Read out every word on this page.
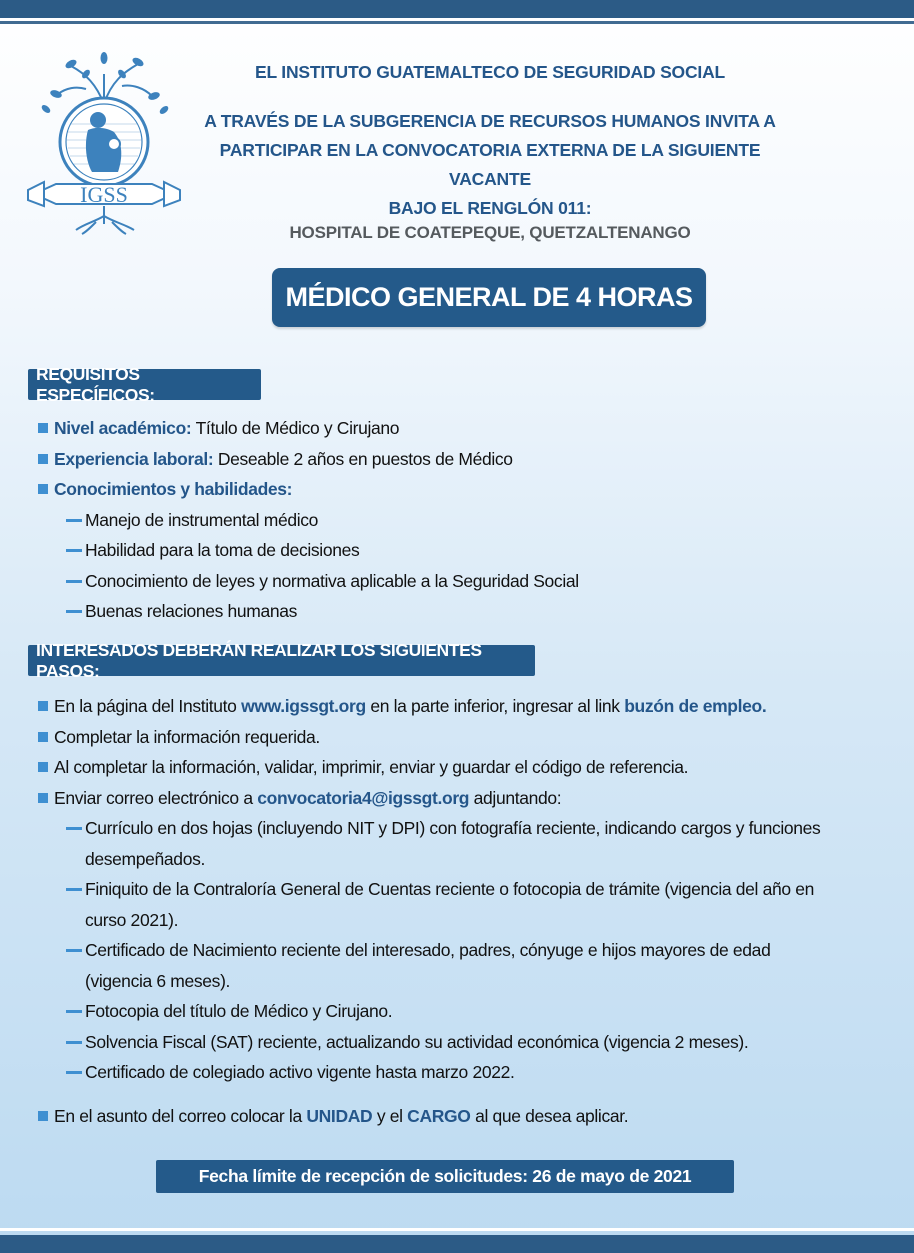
IGSS
EL INSTITUTO GUATEMALTECO DE SEGURIDAD SOCIAL
A TRAVÉS DE LA SUBGERENCIA DE RECURSOS HUMANOS INVITA A
PARTICIPAR EN LA CONVOCATORIA EXTERNA DE LA SIGUIENTE VACANTE
BAJO EL RENGLÓN 011:
HOSPITAL DE COATEPEQUE, QUETZALTENANGO
MÉDICO GENERAL DE 4 HORAS
REQUISITOS ESPECÍFICOS:
Nivel académico: Título de Médico y Cirujano
Experiencia laboral: Deseable 2 años en puestos de Médico
Conocimientos y habilidades:
Manejo de instrumental médico
Habilidad para la toma de decisiones
Conocimiento de leyes y normativa aplicable a la Seguridad Social
Buenas relaciones humanas
INTERESADOS DEBERÁN REALIZAR LOS SIGUIENTES PASOS:
En la página del Instituto www.igssgt.org en la parte inferior, ingresar al link buzón de empleo.
Completar la información requerida.
Al completar la información, validar, imprimir, enviar y guardar el código de referencia.
Enviar correo electrónico a convocatoria4@igssgt.org adjuntando:
Currículo en dos hojas (incluyendo NIT y DPI) con fotografía reciente, indicando cargos y funciones
desempeñados.
Finiquito de la Contraloría General de Cuentas reciente o fotocopia de trámite (vigencia del año en
curso 2021).
Certificado de Nacimiento reciente del interesado, padres, cónyuge e hijos mayores de edad
(vigencia 6 meses).
Fotocopia del título de Médico y Cirujano.
Solvencia Fiscal (SAT) reciente, actualizando su actividad económica (vigencia 2 meses).
Certificado de colegiado activo vigente hasta marzo 2022.
En el asunto del correo colocar la UNIDAD y el CARGO al que desea aplicar.
Fecha límite de recepción de solicitudes: 26 de mayo de 2021
